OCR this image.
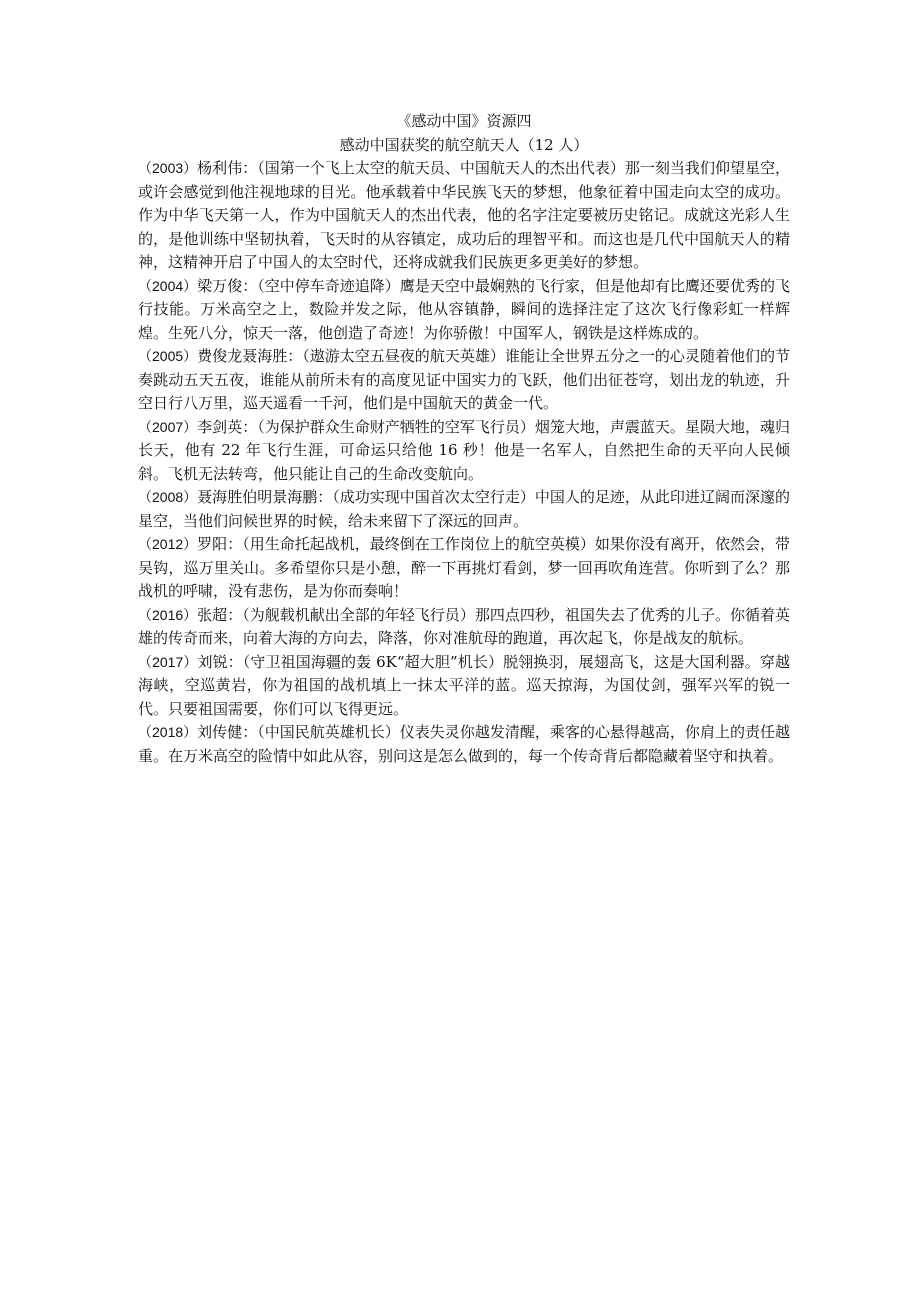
《感动中国》资源四

感动中国获奖的航空航天人（12 人）

（2003）杨利伟：（国第一个飞上太空的航天员、中国航天人的杰出代表）那一刻当我们仰望星空，或许会感觉到他注视地球的目光。他承载着中华民族飞天的梦想，他象征着中国走向太空的成功。作为中华飞天第一人，作为中国航天人的杰出代表，他的名字注定要被历史铭记。成就这光彩人生的，是他训练中坚韧执着，飞天时的从容镇定，成功后的理智平和。而这也是几代中国航天人的精神，这精神开启了中国人的太空时代，还将成就我们民族更多更美好的梦想。

（2004）梁万俊：（空中停车奇迹追降）鹰是天空中最娴熟的飞行家，但是他却有比鹰还要优秀的飞行技能。万米高空之上，数险并发之际，他从容镇静，瞬间的选择注定了这次飞行像彩虹一样辉煌。生死八分，惊天一落，他创造了奇迹！为你骄傲！中国军人，钢铁是这样炼成的。

（2005）费俊龙聂海胜：（遨游太空五昼夜的航天英雄）谁能让全世界五分之一的心灵随着他们的节奏跳动五天五夜，谁能从前所未有的高度见证中国实力的飞跃，他们出征苍穹，划出龙的轨迹，升空日行八万里，巡天遥看一千河，他们是中国航天的黄金一代。

（2007）李剑英：（为保护群众生命财产牺牲的空军飞行员）烟笼大地，声震蓝天。星陨大地，魂归长天，他有 22 年飞行生涯，可命运只给他 16 秒！他是一名军人，自然把生命的天平向人民倾斜。飞机无法转弯，他只能让自己的生命改变航向。

（2008）聂海胜伯明景海鹏：（成功实现中国首次太空行走）中国人的足迹，从此印进辽阔而深邃的星空，当他们问候世界的时候，给未来留下了深远的回声。

（2012）罗阳：（用生命托起战机，最终倒在工作岗位上的航空英模）如果你没有离开，依然会，带吴钩，巡万里关山。多希望你只是小憩，醉一下再挑灯看剑，梦一回再吹角连营。你听到了么？那战机的呼啸，没有悲伤，是为你而奏响！

（2016）张超：（为舰载机献出全部的年轻飞行员）那四点四秒，祖国失去了优秀的儿子。你循着英雄的传奇而来，向着大海的方向去，降落，你对准航母的跑道，再次起飞，你是战友的航标。

（2017）刘锐：（守卫祖国海疆的轰 6K“超大胆”机长）脱翎换羽，展翅高飞，这是大国利器。穿越海峡，空巡黄岩，你为祖国的战机填上一抹太平洋的蓝。巡天掠海，为国仗剑，强军兴军的锐一代。只要祖国需要，你们可以飞得更远。

（2018）刘传健：（中国民航英雄机长）仪表失灵你越发清醒，乘客的心悬得越高，你肩上的责任越重。在万米高空的险情中如此从容，别问这是怎么做到的，每一个传奇背后都隐藏着坚守和执着。
